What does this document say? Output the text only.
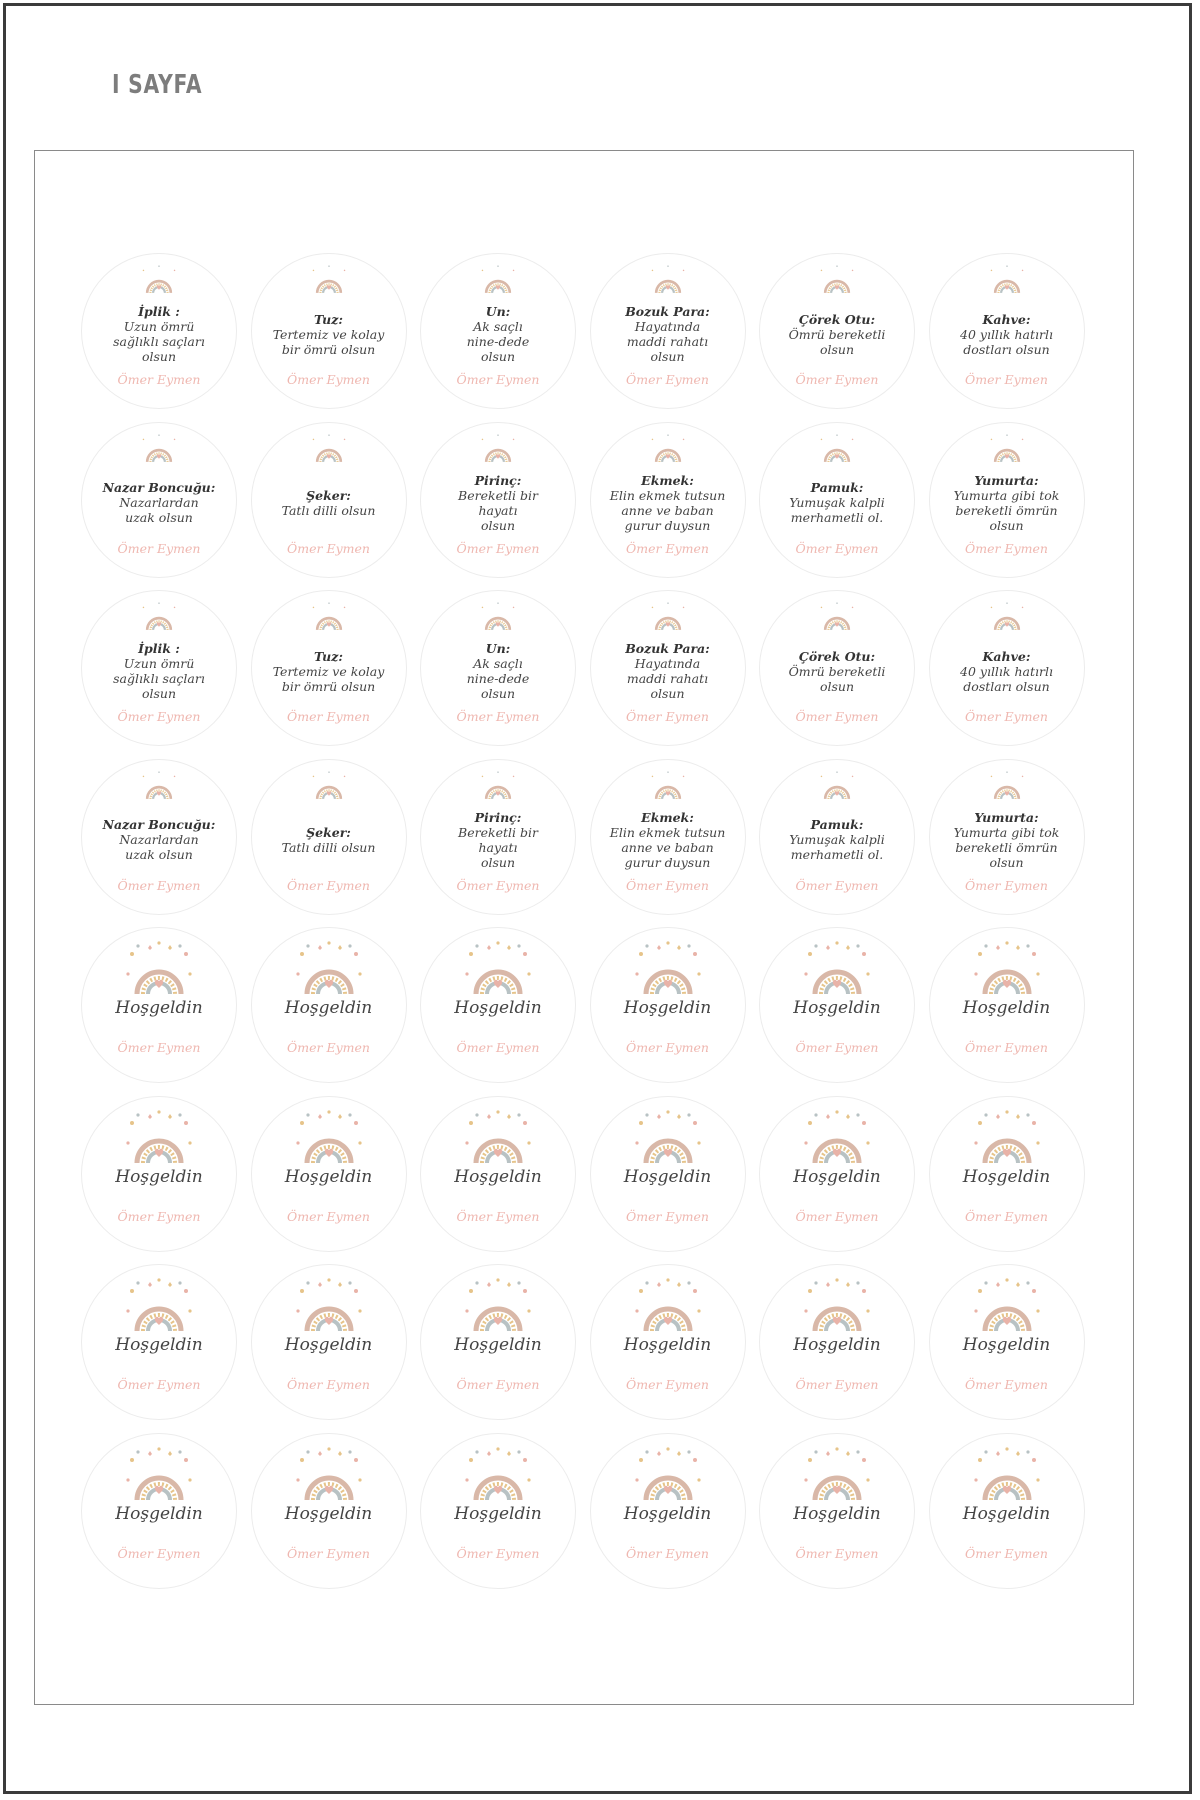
I SAYFA
İplik :
Uzun ömrü
sağlıklı saçları
olsun
Ömer Eymen
Tuz:
Tertemiz ve kolay
bir ömrü olsun
Ömer Eymen
Un:
Ak saçlı
nine-dede
olsun
Ömer Eymen
Bozuk Para:
Hayatında
maddi rahatı olsun
Ömer Eymen
Çörek Otu:
Ömrü bereketli olsun
Ömer Eymen
Kahve:
40 yıllık hatırlı
dostları olsun
Ömer Eymen
Nazar Boncuğu:
Nazarlardan
uzak olsun
Ömer Eymen
Şeker:
Tatlı dilli olsun
Ömer Eymen
Pirinç:
Bereketli bir hayatı
olsun
Ömer Eymen
Ekmek:
Elin ekmek tutsun
anne ve baban
gurur duysun
Ömer Eymen
Pamuk:
Yumuşak kalpli
merhametli ol.
Ömer Eymen
Yumurta:
Yumurta gibi tok
bereketli ömrün olsun
Ömer Eymen
İplik :
Uzun ömrü
sağlıklı saçları
olsun
Ömer Eymen
Tuz:
Tertemiz ve kolay
bir ömrü olsun
Ömer Eymen
Un:
Ak saçlı
nine-dede
olsun
Ömer Eymen
Bozuk Para:
Hayatında
maddi rahatı olsun
Ömer Eymen
Çörek Otu:
Ömrü bereketli olsun
Ömer Eymen
Kahve:
40 yıllık hatırlı
dostları olsun
Ömer Eymen
Nazar Boncuğu:
Nazarlardan
uzak olsun
Ömer Eymen
Şeker:
Tatlı dilli olsun
Ömer Eymen
Pirinç:
Bereketli bir hayatı
olsun
Ömer Eymen
Ekmek:
Elin ekmek tutsun
anne ve baban
gurur duysun
Ömer Eymen
Pamuk:
Yumuşak kalpli
merhametli ol.
Ömer Eymen
Yumurta:
Yumurta gibi tok
bereketli ömrün olsun
Ömer Eymen
Hoşgeldin
Ömer Eymen
Hoşgeldin
Ömer Eymen
Hoşgeldin
Ömer Eymen
Hoşgeldin
Ömer Eymen
Hoşgeldin
Ömer Eymen
Hoşgeldin
Ömer Eymen
Hoşgeldin
Ömer Eymen
Hoşgeldin
Ömer Eymen
Hoşgeldin
Ömer Eymen
Hoşgeldin
Ömer Eymen
Hoşgeldin
Ömer Eymen
Hoşgeldin
Ömer Eymen
Hoşgeldin
Ömer Eymen
Hoşgeldin
Ömer Eymen
Hoşgeldin
Ömer Eymen
Hoşgeldin
Ömer Eymen
Hoşgeldin
Ömer Eymen
Hoşgeldin
Ömer Eymen
Hoşgeldin
Ömer Eymen
Hoşgeldin
Ömer Eymen
Hoşgeldin
Ömer Eymen
Hoşgeldin
Ömer Eymen
Hoşgeldin
Ömer Eymen
Hoşgeldin
Ömer Eymen
